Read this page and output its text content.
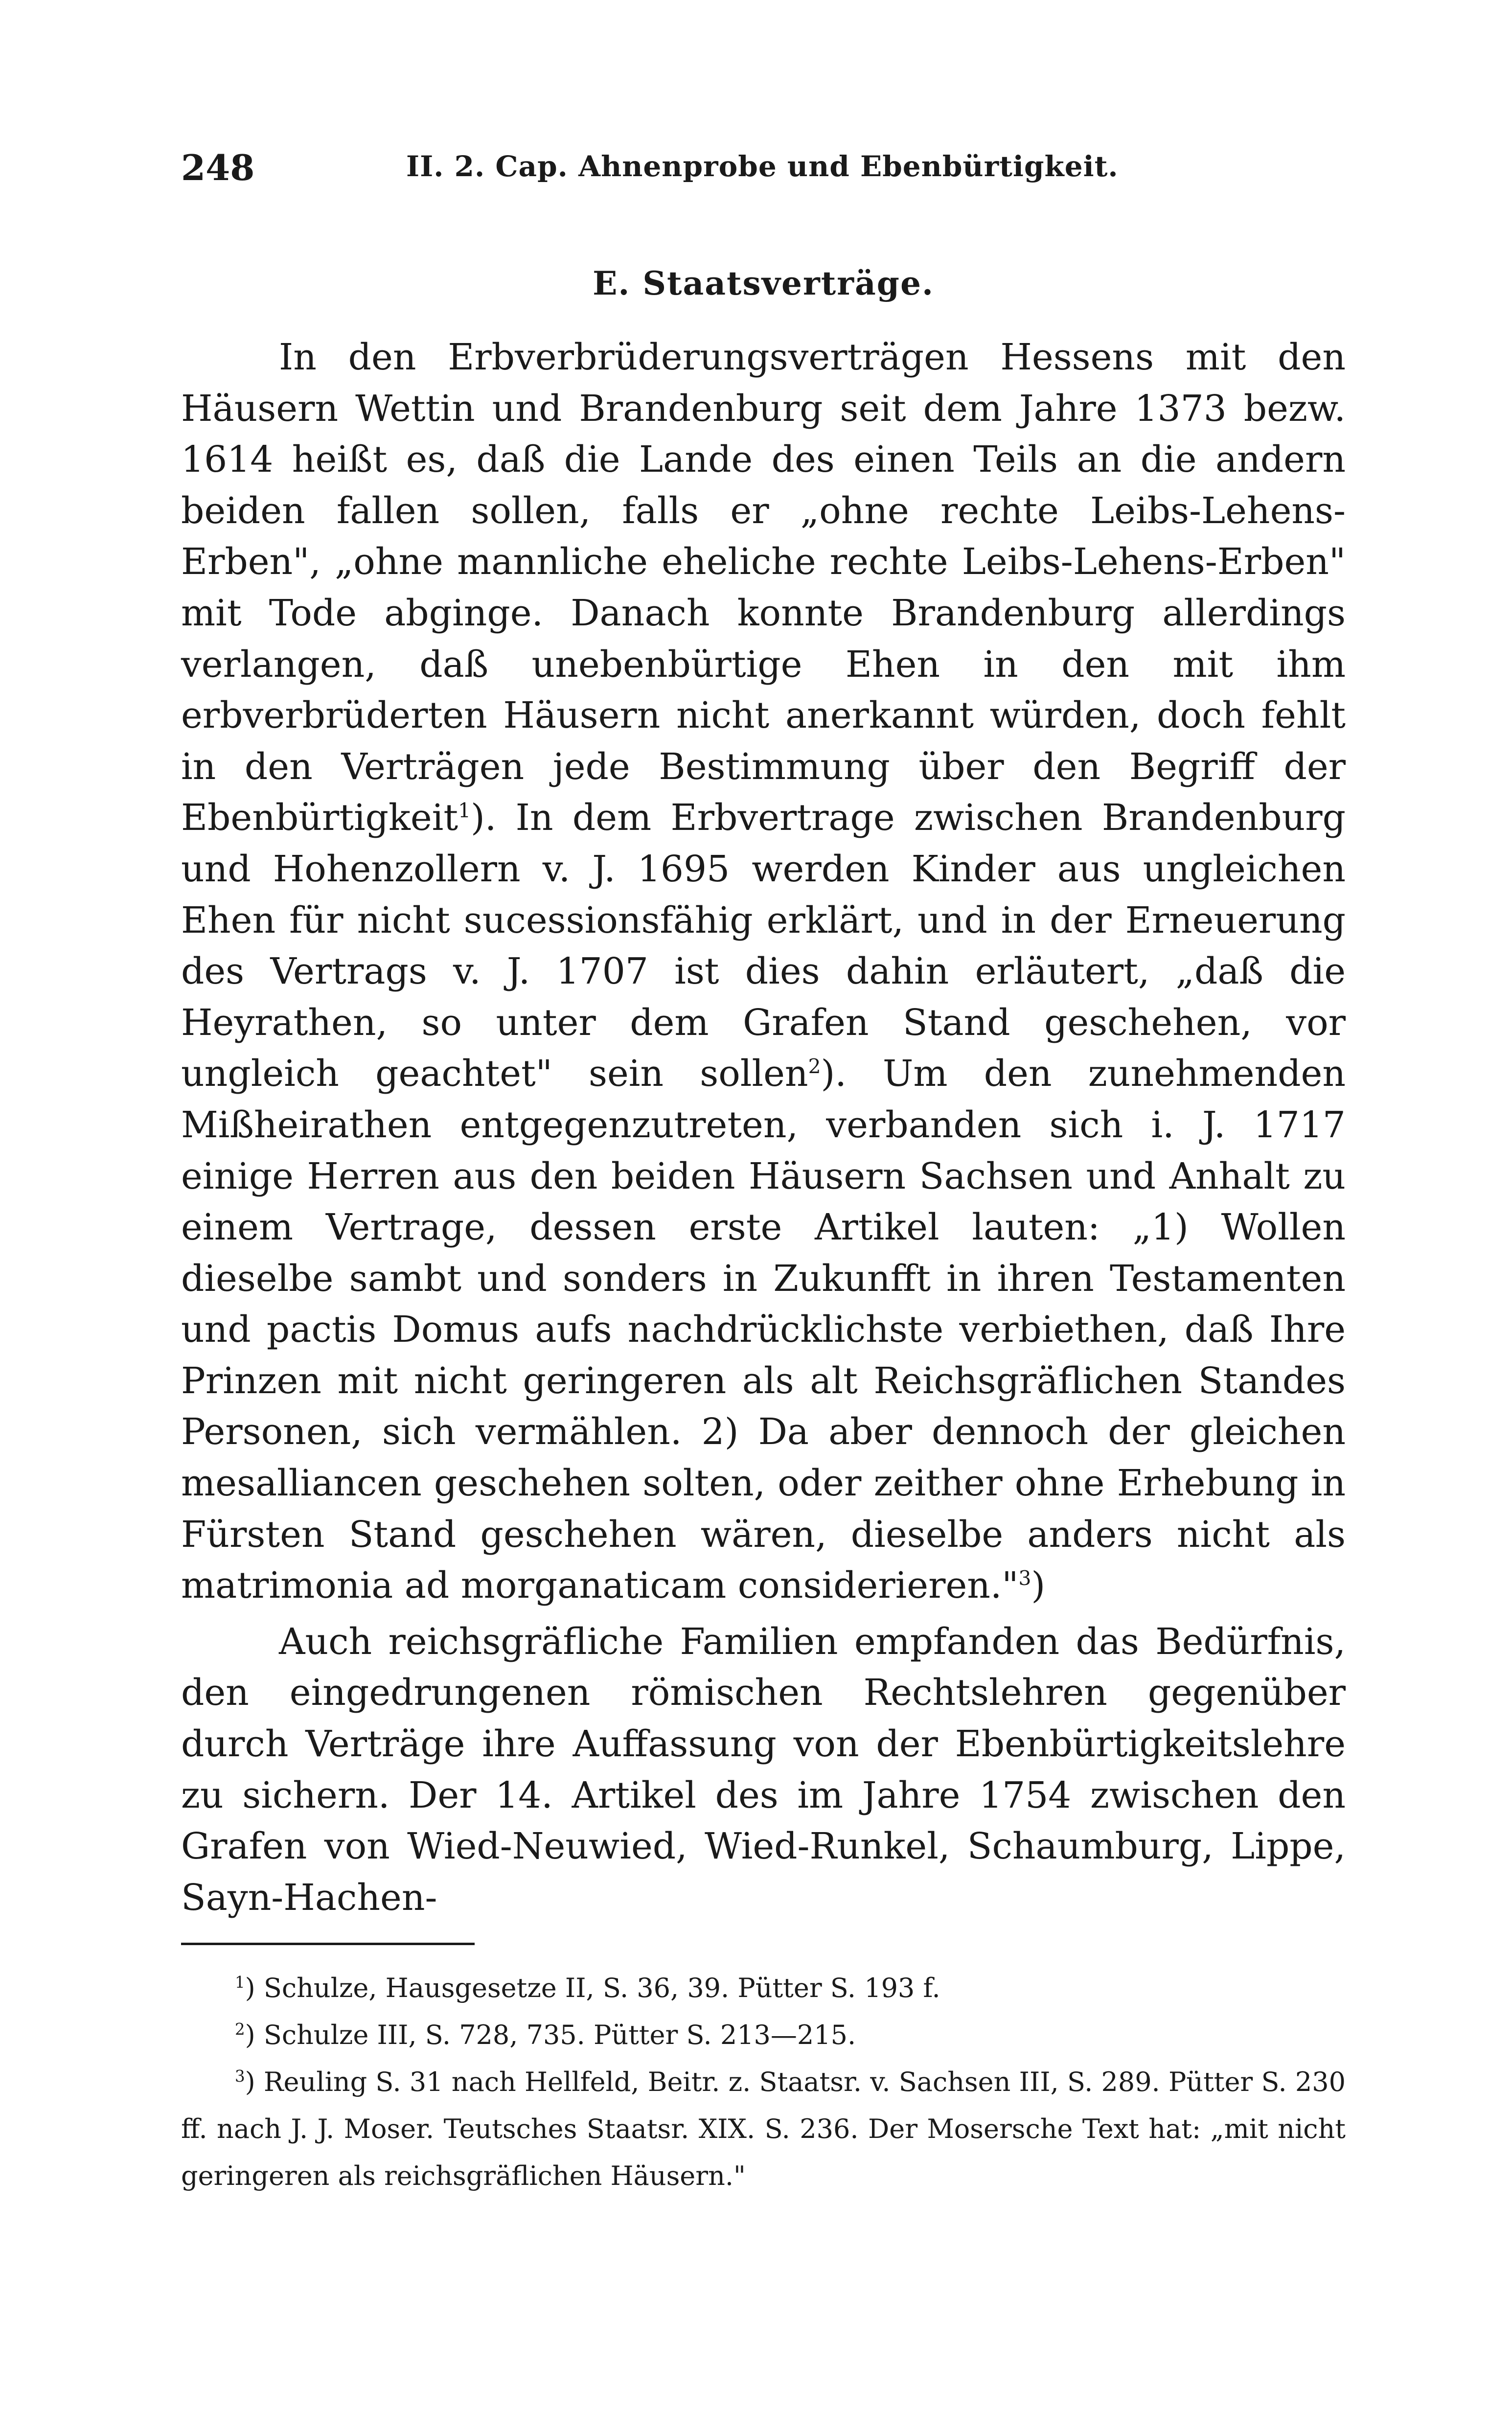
248	II. 2. Cap. Ahnenprobe und Ebenbürtigkeit.
E. Staatsverträge.

In den Erbverbrüderungsverträgen Hessens mit den Häusern Wettin und Brandenburg seit dem Jahre 1373 bezw. 1614 heißt es, daß die Lande des einen Teils an die andern beiden fallen sollen, falls er „ohne rechte Leibs-Lehens-Erben", „ohne mannliche eheliche rechte Leibs-Lehens-Erben" mit Tode abginge. Danach konnte Brandenburg allerdings verlangen, daß unebenbürtige Ehen in den mit ihm erbverbrüderten Häusern nicht anerkannt würden, doch fehlt in den Verträgen jede Bestimmung über den Begriff der Ebenbürtigkeit$^1$). In dem Erbvertrage zwischen Brandenburg und Hohenzollern v. J. 1695 werden Kinder aus ungleichen Ehen für nicht sucessionsfähig erklärt, und in der Erneuerung des Vertrags v. J. 1707 ist dies dahin erläutert, „daß die Heyrathen, so unter dem Grafen Stand geschehen, vor ungleich geachtet" sein sollen$^2$). Um den zunehmenden Mißheirathen entgegenzutreten, verbanden sich i. J. 1717 einige Herren aus den beiden Häusern Sachsen und Anhalt zu einem Vertrage, dessen erste Artikel lauten: „1) Wollen dieselbe sambt und sonders in Zukunfft in ihren Testamenten und pactis Domus aufs nachdrücklichste verbiethen, daß Ihre Prinzen mit nicht geringeren als alt Reichsgräflichen Standes Personen, sich vermählen. 2) Da aber dennoch der gleichen mesalliancen geschehen solten, oder zeither ohne Erhebung in Fürsten Stand geschehen wären, dieselbe anders nicht als matrimonia ad morganaticam considerieren."$^3$)

Auch reichsgräfliche Familien empfanden das Bedürfnis, den eingedrungenen römischen Rechtslehren gegenüber durch Verträge ihre Auffassung von der Ebenbürtigkeitslehre zu sichern. Der 14. Artikel des im Jahre 1754 zwischen den Grafen von Wied-Neuwied, Wied-Runkel, Schaumburg, Lippe, Sayn-Hachen-

$^1$) Schulze, Hausgesetze II, S. 36, 39. Pütter S. 193 f.

$^2$) Schulze III, S. 728, 735. Pütter S. 213—215.

$^3$) Reuling S. 31 nach Hellfeld, Beitr. z. Staatsr. v. Sachsen III, S. 289. Pütter S. 230 ff. nach J. J. Moser. Teutsches Staatsr. XIX. S. 236. Der Mosersche Text hat: „mit nicht geringeren als reichsgräflichen Häusern."
